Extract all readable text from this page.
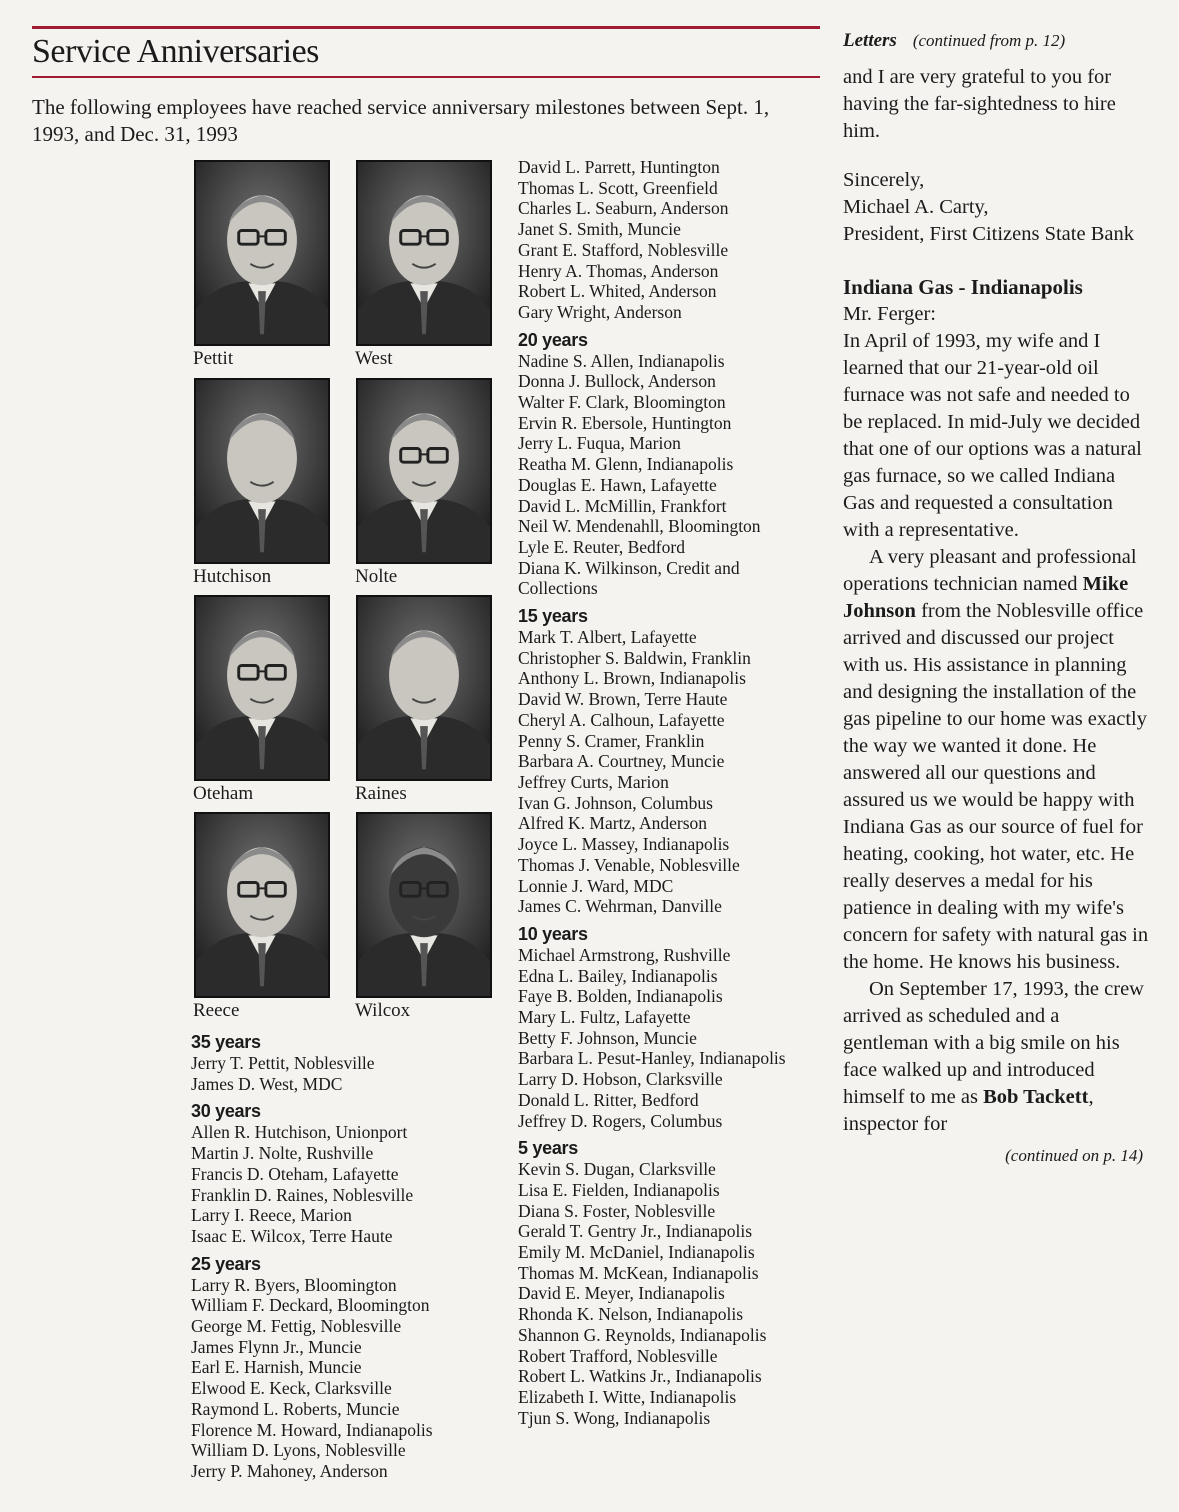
Service Anniversaries
The following employees have reached service anniversary milestones between Sept. 1, 1993, and Dec. 31, 1993
Pettit	West
Hutchison	Nolte
Oteham	Raines
Reece	Wilcox
35 years
Jerry T. Pettit, Noblesville
James D. West, MDC
30 years
Allen R. Hutchison, Unionport
Martin J. Nolte, Rushville
Francis D. Oteham, Lafayette
Franklin D. Raines, Noblesville
Larry I. Reece, Marion
Isaac E. Wilcox, Terre Haute
25 years
Larry R. Byers, Bloomington
William F. Deckard, Bloomington
George M. Fettig, Noblesville
James Flynn Jr., Muncie
Earl E. Harnish, Muncie
Elwood E. Keck, Clarksville
Raymond L. Roberts, Muncie
Florence M. Howard, Indianapolis
William D. Lyons, Noblesville
Jerry P. Mahoney, Anderson
David L. Parrett, Huntington
Thomas L. Scott, Greenfield
Charles L. Seaburn, Anderson
Janet S. Smith, Muncie
Grant E. Stafford, Noblesville
Henry A. Thomas, Anderson
Robert L. Whited, Anderson
Gary Wright, Anderson
20 years
Nadine S. Allen, Indianapolis
Donna J. Bullock, Anderson
Walter F. Clark, Bloomington
Ervin R. Ebersole, Huntington
Jerry L. Fuqua, Marion
Reatha M. Glenn, Indianapolis
Douglas E. Hawn, Lafayette
David L. McMillin, Frankfort
Neil W. Mendenahll, Bloomington
Lyle E. Reuter, Bedford
Diana K. Wilkinson, Credit and Collections
15 years
Mark T. Albert, Lafayette
Christopher S. Baldwin, Franklin
Anthony L. Brown, Indianapolis
David W. Brown, Terre Haute
Cheryl A. Calhoun, Lafayette
Penny S. Cramer, Franklin
Barbara A. Courtney, Muncie
Jeffrey Curts, Marion
Ivan G. Johnson, Columbus
Alfred K. Martz, Anderson
Joyce L. Massey, Indianapolis
Thomas J. Venable, Noblesville
Lonnie J. Ward, MDC
James C. Wehrman, Danville
10 years
Michael Armstrong, Rushville
Edna L. Bailey, Indianapolis
Faye B. Bolden, Indianapolis
Mary L. Fultz, Lafayette
Betty F. Johnson, Muncie
Barbara L. Pesut-Hanley, Indianapolis
Larry D. Hobson, Clarksville
Donald L. Ritter, Bedford
Jeffrey D. Rogers, Columbus
5 years
Kevin S. Dugan, Clarksville
Lisa E. Fielden, Indianapolis
Diana S. Foster, Noblesville
Gerald T. Gentry Jr., Indianapolis
Emily M. McDaniel, Indianapolis
Thomas M. McKean, Indianapolis
David E. Meyer, Indianapolis
Rhonda K. Nelson, Indianapolis
Shannon G. Reynolds, Indianapolis
Robert Trafford, Noblesville
Robert L. Watkins Jr., Indianapolis
Elizabeth I. Witte, Indianapolis
Tjun S. Wong, Indianapolis
Letters (continued from p. 12)

and I are very grateful to you for having the far-sightedness to hire him.

Sincerely,

Michael A. Carty,

President, First Citizens State Bank

Indiana Gas - Indianapolis

Mr. Ferger:

In April of 1993, my wife and I learned that our 21-year-old oil furnace was not safe and needed to be replaced. In mid-July we decided that one of our options was a natural gas furnace, so we called Indiana Gas and requested a consultation with a representative.

A very pleasant and professional operations technician named Mike Johnson from the Noblesville office arrived and discussed our project with us. His assistance in planning and designing the installation of the gas pipeline to our home was exactly the way we wanted it done. He answered all our questions and assured us we would be happy with Indiana Gas as our source of fuel for heating, cooking, hot water, etc. He really deserves a medal for his patience in dealing with my wife's concern for safety with natural gas in the home. He knows his business.

On September 17, 1993, the crew arrived as scheduled and a gentleman with a big smile on his face walked up and introduced himself to me as Bob Tackett, inspector for

(continued on p. 14)
